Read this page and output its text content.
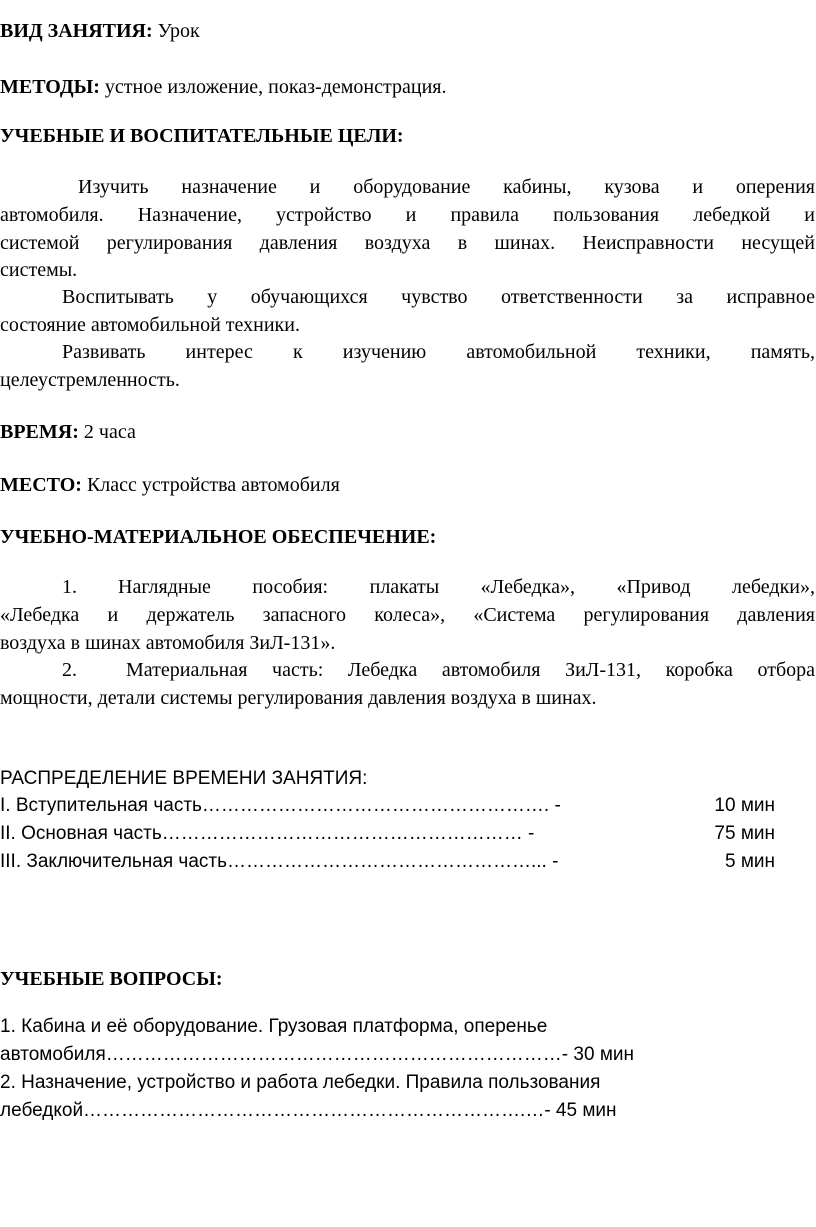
ВИД ЗАНЯТИЯ: Урок
МЕТОДЫ: устное изложение, показ-демонстрация.
УЧЕБНЫЕ И ВОСПИТАТЕЛЬНЫЕ ЦЕЛИ:
Изучить назначение и оборудование кабины, кузова и оперения
автомобиля. Назначение, устройство и правила пользования лебедкой и
системой регулирования давления воздуха в шинах. Неисправности несущей
системы.
Воспитывать у обучающихся чувство ответственности за исправное
состояние автомобильной техники.
Развивать интерес к изучению автомобильной техники, память,
целеустремленность.
ВРЕМЯ: 2 часа
МЕСТО: Класс устройства автомобиля
УЧЕБНО-МАТЕРИАЛЬНОЕ ОБЕСПЕЧЕНИЕ:
1. Наглядные пособия: плакаты «Лебедка», «Привод лебедки»,
«Лебедка и держатель запасного колеса», «Система регулирования давления
воздуха в шинах автомобиля ЗиЛ-131».
2. Материальная часть: Лебедка автомобиля ЗиЛ-131, коробка отбора
мощности, детали системы регулирования давления воздуха в шинах.
РАСПРЕДЕЛЕНИЕ ВРЕМЕНИ ЗАНЯТИЯ:
I. Вступительная часть………………………………………………. -	10 мин
II. Основная часть………………………………………………… -	75 мин
III. Заключительная часть…………………………………………... -	5 мин
УЧЕБНЫЕ ВОПРОСЫ:
1. Кабина и её оборудование. Грузовая платформа, оперенье
автомобиля………………………………………………………………- 30 мин
2. Назначение, устройство и работа лебедки. Правила пользования
лебедкой…………………………………………………………….…- 45 мин
